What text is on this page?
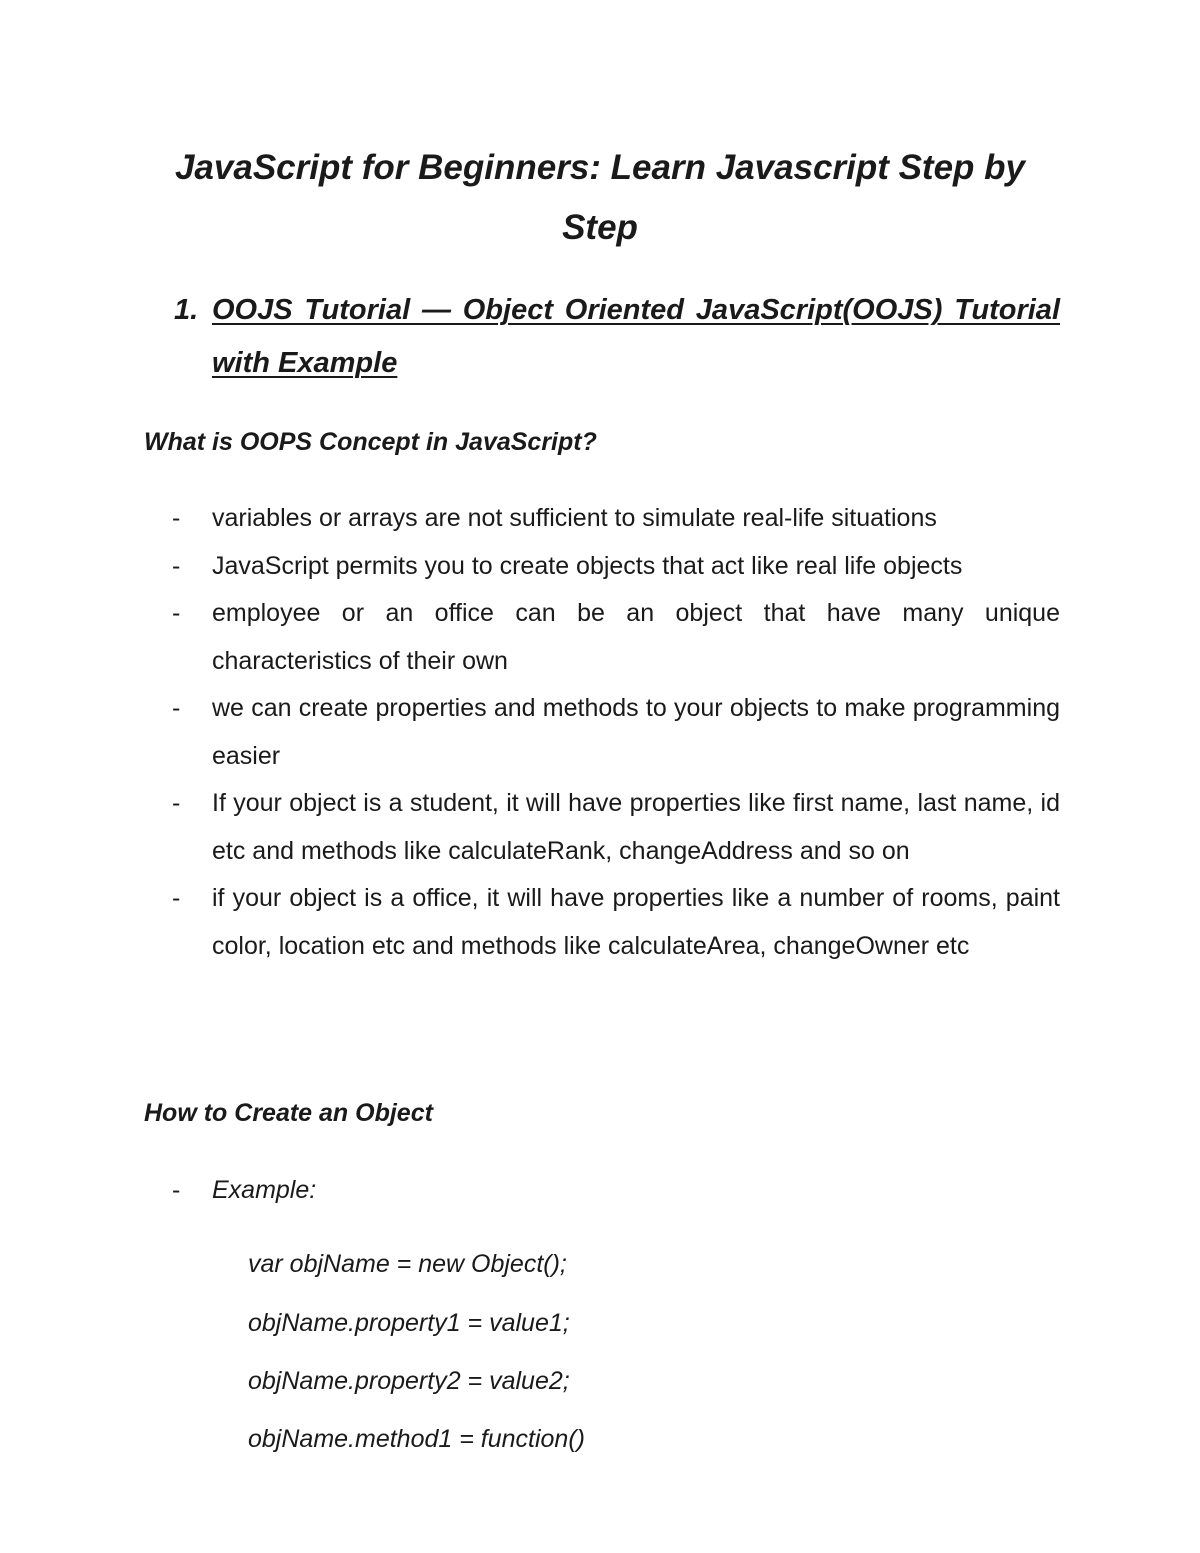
JavaScript for Beginners: Learn Javascript Step by
Step
1. OOJS Tutorial — Object Oriented JavaScript(OOJS) Tutorial with Example
What is OOPS Concept in JavaScript?
-	variables or arrays are not sufficient to simulate real-life situations
-	JavaScript permits you to create objects that act like real life objects
-	employee or an office can be an object that have many unique characteristics of their own
-	we can create properties and methods to your objects to make programming easier
-	If your object is a student, it will have properties like first name, last name, id etc and methods like calculateRank, changeAddress and so on
-	if your object is a office, it will have properties like a number of rooms, paint color, location etc and methods like calculateArea, changeOwner etc
How to Create an Object
-	Example:
var objName = new Object();
objName.property1 = value1;
objName.property2 = value2;
objName.method1 = function()
